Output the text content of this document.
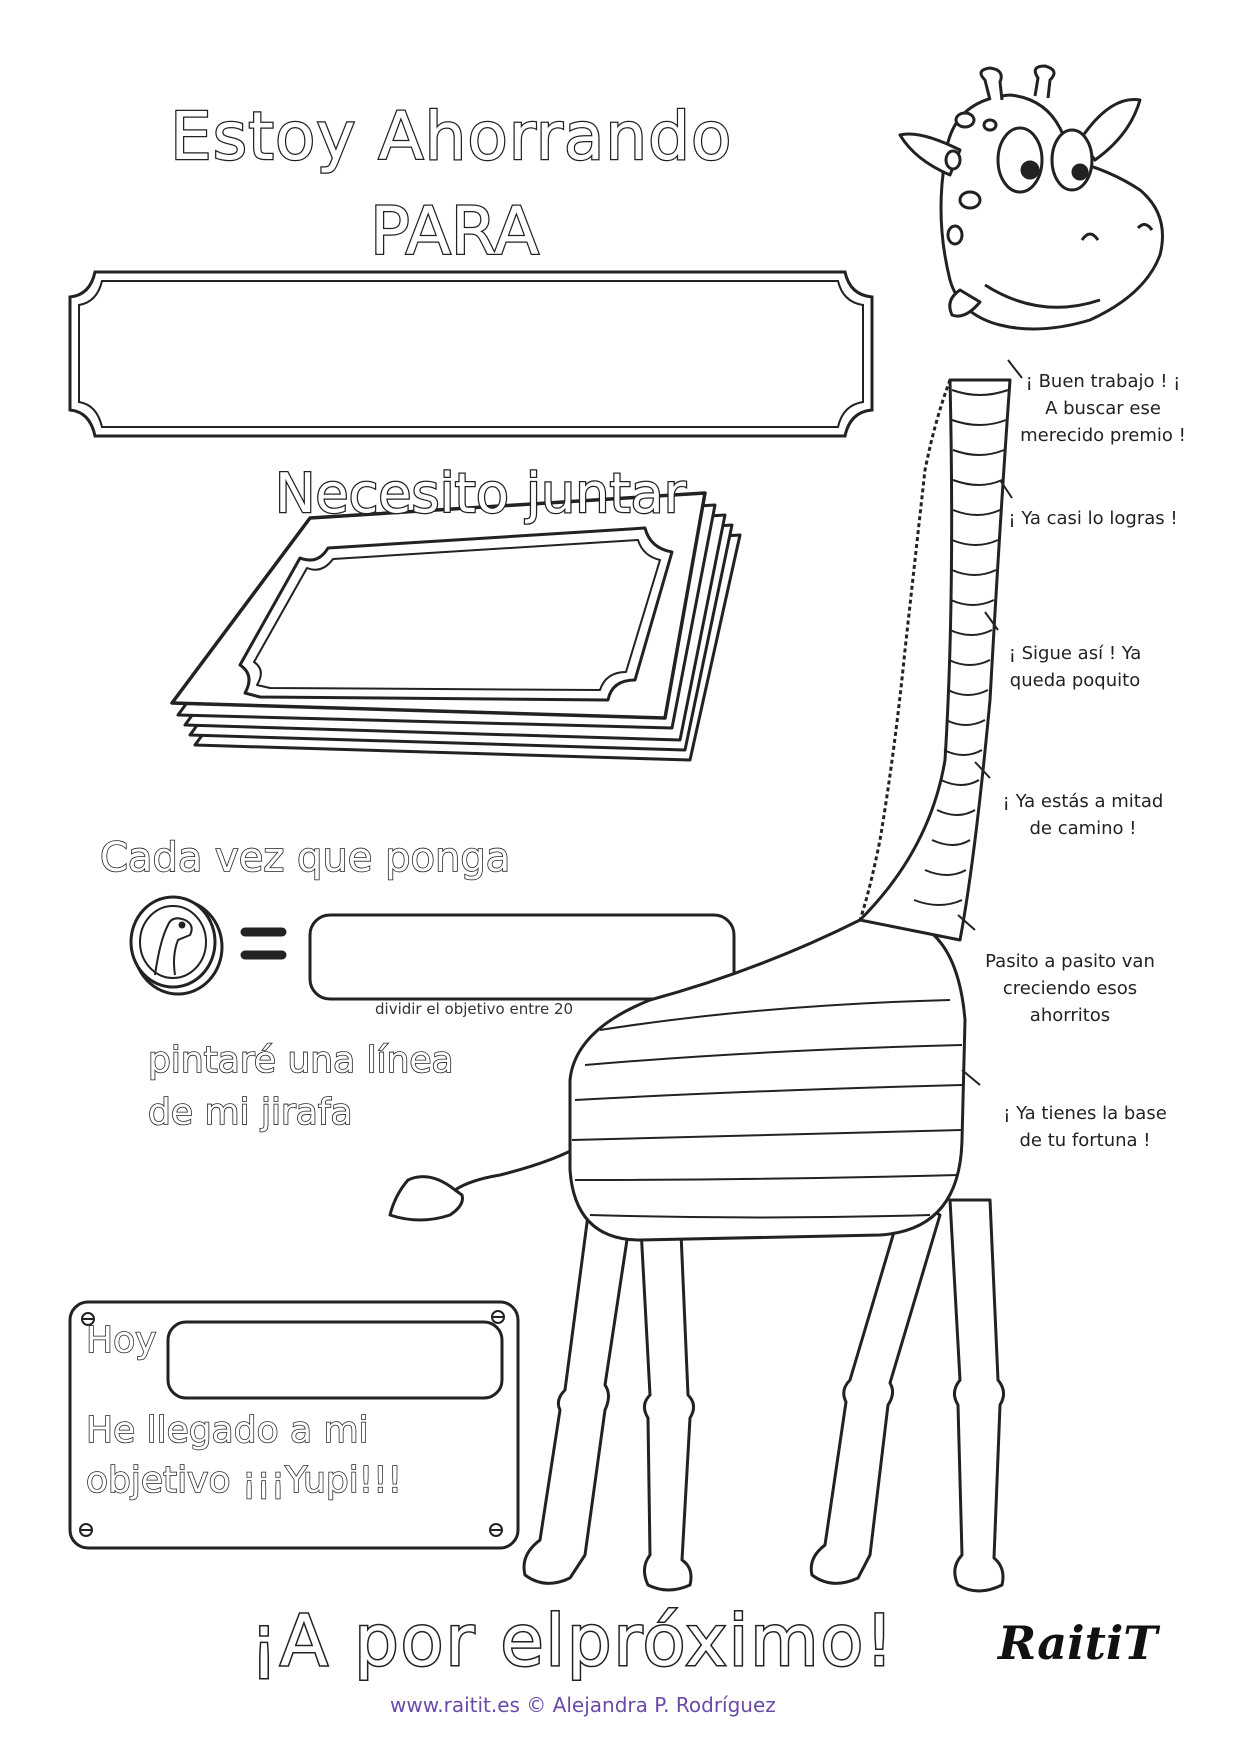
Estoy Ahorrando
PARA
Necesito juntar
Cada vez que ponga
dividir el objetivo entre 20
pintaré una línea
de mi jirafa
Hoy
He llegado a mi
objetivo ¡¡¡Yupi!!!
¡A por elpróximo! RaitiT
www.raitit.es © Alejandra P. Rodríguez
¡ Buen trabajo ! ¡ A buscar ese merecido premio !
¡ Ya casi lo logras !
¡ Sigue así ! Ya queda poquito
¡ Ya estás a mitad de camino !
Pasito a pasito van creciendo esos ahorritos
¡ Ya tienes la base de tu fortuna !
